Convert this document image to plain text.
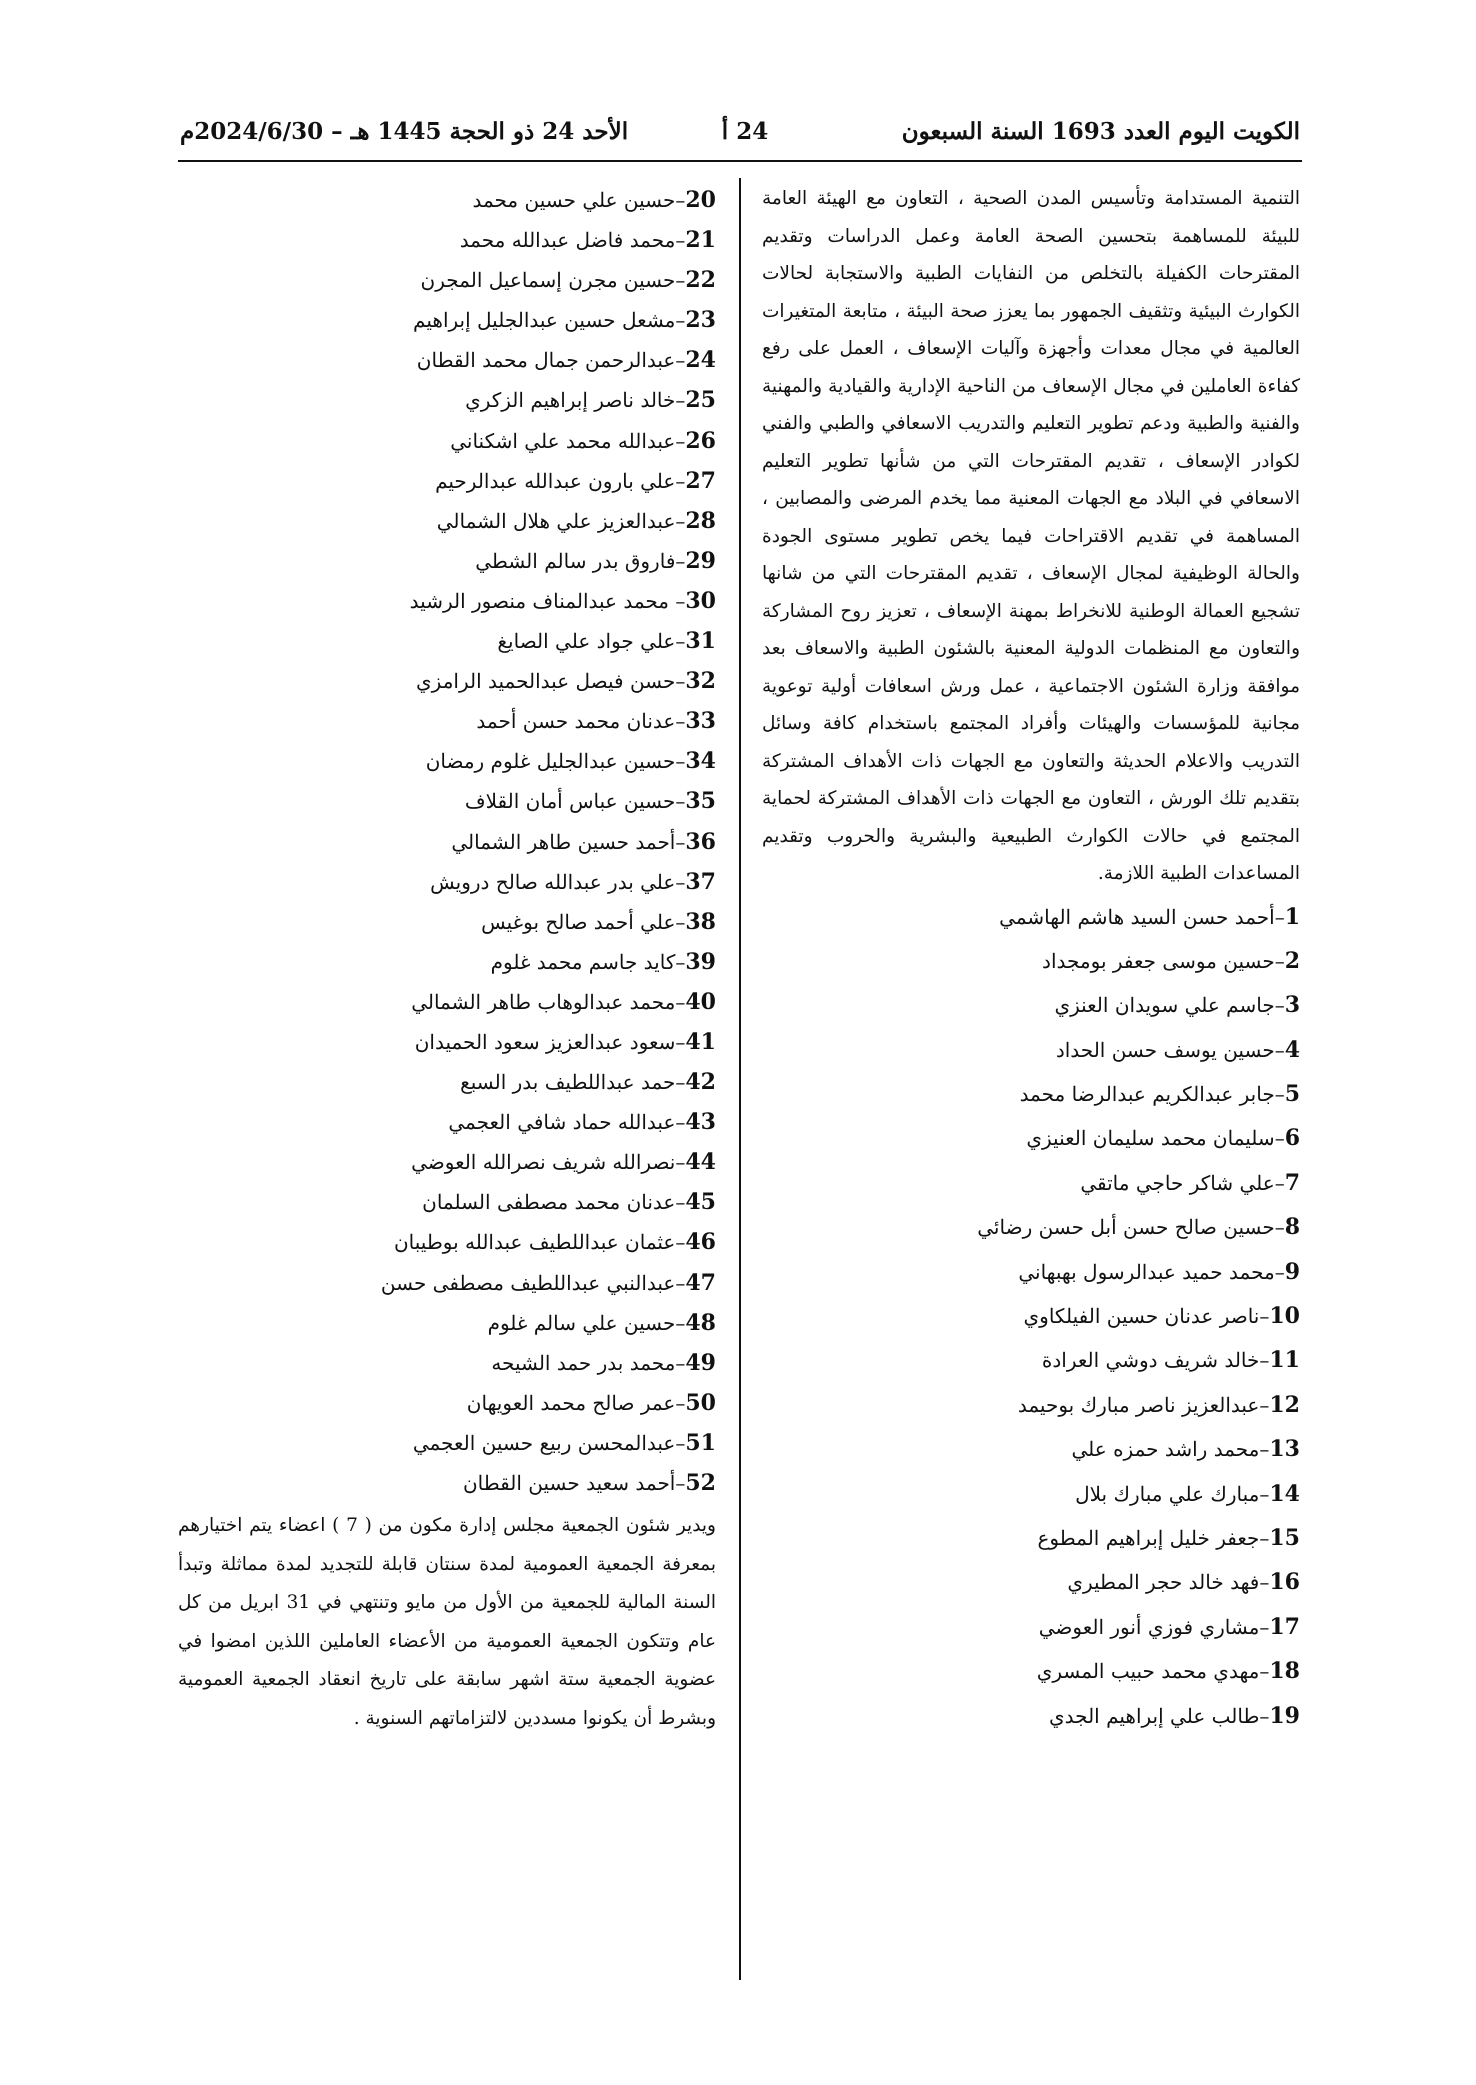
الكويت اليوم العدد 1693 السنة السبعون
24 أ
الأحد 24 ذو الحجة 1445 هـ – 2024/6/30م

التنمية المستدامة وتأسيس المدن الصحية ، التعاون مع الهيئة العامة للبيئة للمساهمة بتحسين الصحة العامة وعمل الدراسات وتقديم المقترحات الكفيلة بالتخلص من النفايات الطبية والاستجابة لحالات الكوارث البيئية وتثقيف الجمهور بما يعزز صحة البيئة ، متابعة المتغيرات العالمية في مجال معدات وأجهزة وآليات الإسعاف ، العمل على رفع كفاءة العاملين في مجال الإسعاف من الناحية الإدارية والقيادية والمهنية والفنية والطبية ودعم تطوير التعليم والتدريب الاسعافي والطبي والفني لكوادر الإسعاف ، تقديم المقترحات التي من شأنها تطوير التعليم الاسعافي في البلاد مع الجهات المعنية مما يخدم المرضى والمصابين ، المساهمة في تقديم الاقتراحات فيما يخص تطوير مستوى الجودة والحالة الوظيفية لمجال الإسعاف ، تقديم المقترحات التي من شانها تشجيع العمالة الوطنية للانخراط بمهنة الإسعاف ، تعزيز روح المشاركة والتعاون مع المنظمات الدولية المعنية بالشئون الطبية والاسعاف بعد موافقة وزارة الشئون الاجتماعية ، عمل ورش اسعافات أولية توعوية مجانية للمؤسسات والهيئات وأفراد المجتمع باستخدام كافة وسائل التدريب والاعلام الحديثة والتعاون مع الجهات ذات الأهداف المشتركة بتقديم تلك الورش ، التعاون مع الجهات ذات الأهداف المشتركة لحماية المجتمع في حالات الكوارث الطبيعية والبشرية والحروب وتقديم المساعدات الطبية اللازمة.

1–أحمد حسن السيد هاشم الهاشمي
2–حسين موسى جعفر بومجداد
3–جاسم علي سويدان العنزي
4–حسين يوسف حسن الحداد
5–جابر عبدالكريم عبدالرضا محمد
6–سليمان محمد سليمان العنيزي
7–علي شاكر حاجي ماتقي
8–حسين صالح حسن أبل حسن رضائي
9–محمد حميد عبدالرسول بهبهاني
10–ناصر عدنان حسين الفيلكاوي
11–خالد شريف دوشي العرادة
12–عبدالعزيز ناصر مبارك بوحيمد
13–محمد راشد حمزه علي
14–مبارك علي مبارك بلال
15–جعفر خليل إبراهيم المطوع
16–فهد خالد حجر المطيري
17–مشاري فوزي أنور العوضي
18–مهدي محمد حبيب المسري
19–طالب علي إبراهيم الجدي
20–حسين علي حسين محمد
21–محمد فاضل عبدالله محمد
22–حسين مجرن إسماعيل المجرن
23–مشعل حسين عبدالجليل إبراهيم
24–عبدالرحمن جمال محمد القطان
25–خالد ناصر إبراهيم الزكري
26–عبدالله محمد علي اشكناني
27–علي بارون عبدالله عبدالرحيم
28–عبدالعزيز علي هلال الشمالي
29–فاروق بدر سالم الشطي
30– محمد عبدالمناف منصور الرشيد
31–علي جواد علي الصايغ
32–حسن فيصل عبدالحميد الرامزي
33–عدنان محمد حسن أحمد
34–حسين عبدالجليل غلوم رمضان
35–حسين عباس أمان القلاف
36–أحمد حسين طاهر الشمالي
37–علي بدر عبدالله صالح درويش
38–علي أحمد صالح بوغيس
39–كايد جاسم محمد غلوم
40–محمد عبدالوهاب طاهر الشمالي
41–سعود عبدالعزيز سعود الحميدان
42–حمد عبداللطيف بدر السبع
43–عبدالله حماد شافي العجمي
44–نصرالله شريف نصرالله العوضي
45–عدنان محمد مصطفى السلمان
46–عثمان عبداللطيف عبدالله بوطيبان
47–عبدالنبي عبداللطيف مصطفى حسن
48–حسين علي سالم غلوم
49–محمد بدر حمد الشيحه
50–عمر صالح محمد العويهان
51–عبدالمحسن ربيع حسين العجمي
52–أحمد سعيد حسين القطان

ويدير شئون الجمعية مجلس إدارة مكون من ( 7 ) اعضاء يتم اختيارهم بمعرفة الجمعية العمومية لمدة سنتان قابلة للتجديد لمدة مماثلة وتبدأ السنة المالية للجمعية من الأول من مايو وتنتهي في 31 ابريل من كل عام وتتكون الجمعية العمومية من الأعضاء العاملين اللذين امضوا في عضوية الجمعية ستة اشهر سابقة على تاريخ انعقاد الجمعية العمومية وبشرط أن يكونوا مسددين لالتزاماتهم السنوية .
